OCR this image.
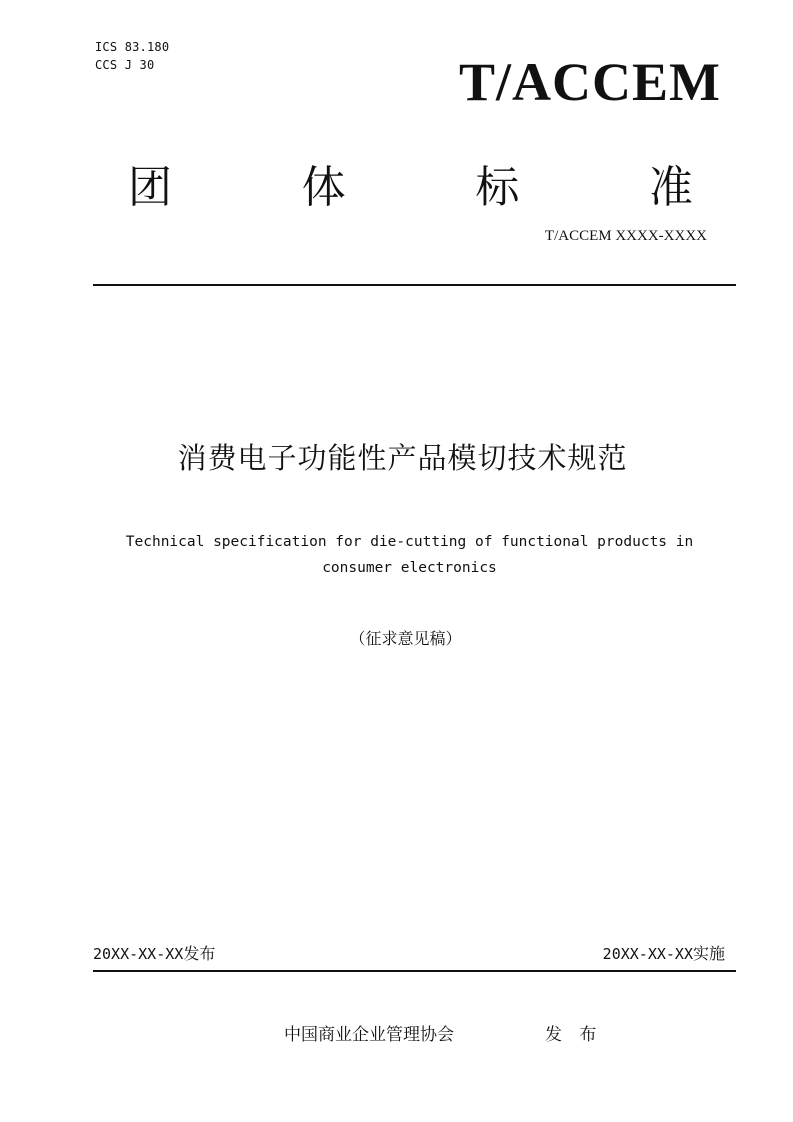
ICS 83.180
CCS J 30	T/ACCEM
团	体	标	准
T/ACCEM XXXX-XXXX
消费电子功能性产品模切技术规范
Technical specification for die-cutting of functional products in
consumer electronics
（征求意见稿）
20XX-XX-XX发布	20XX-XX-XX实施
中国商业企业管理协会	发 布
